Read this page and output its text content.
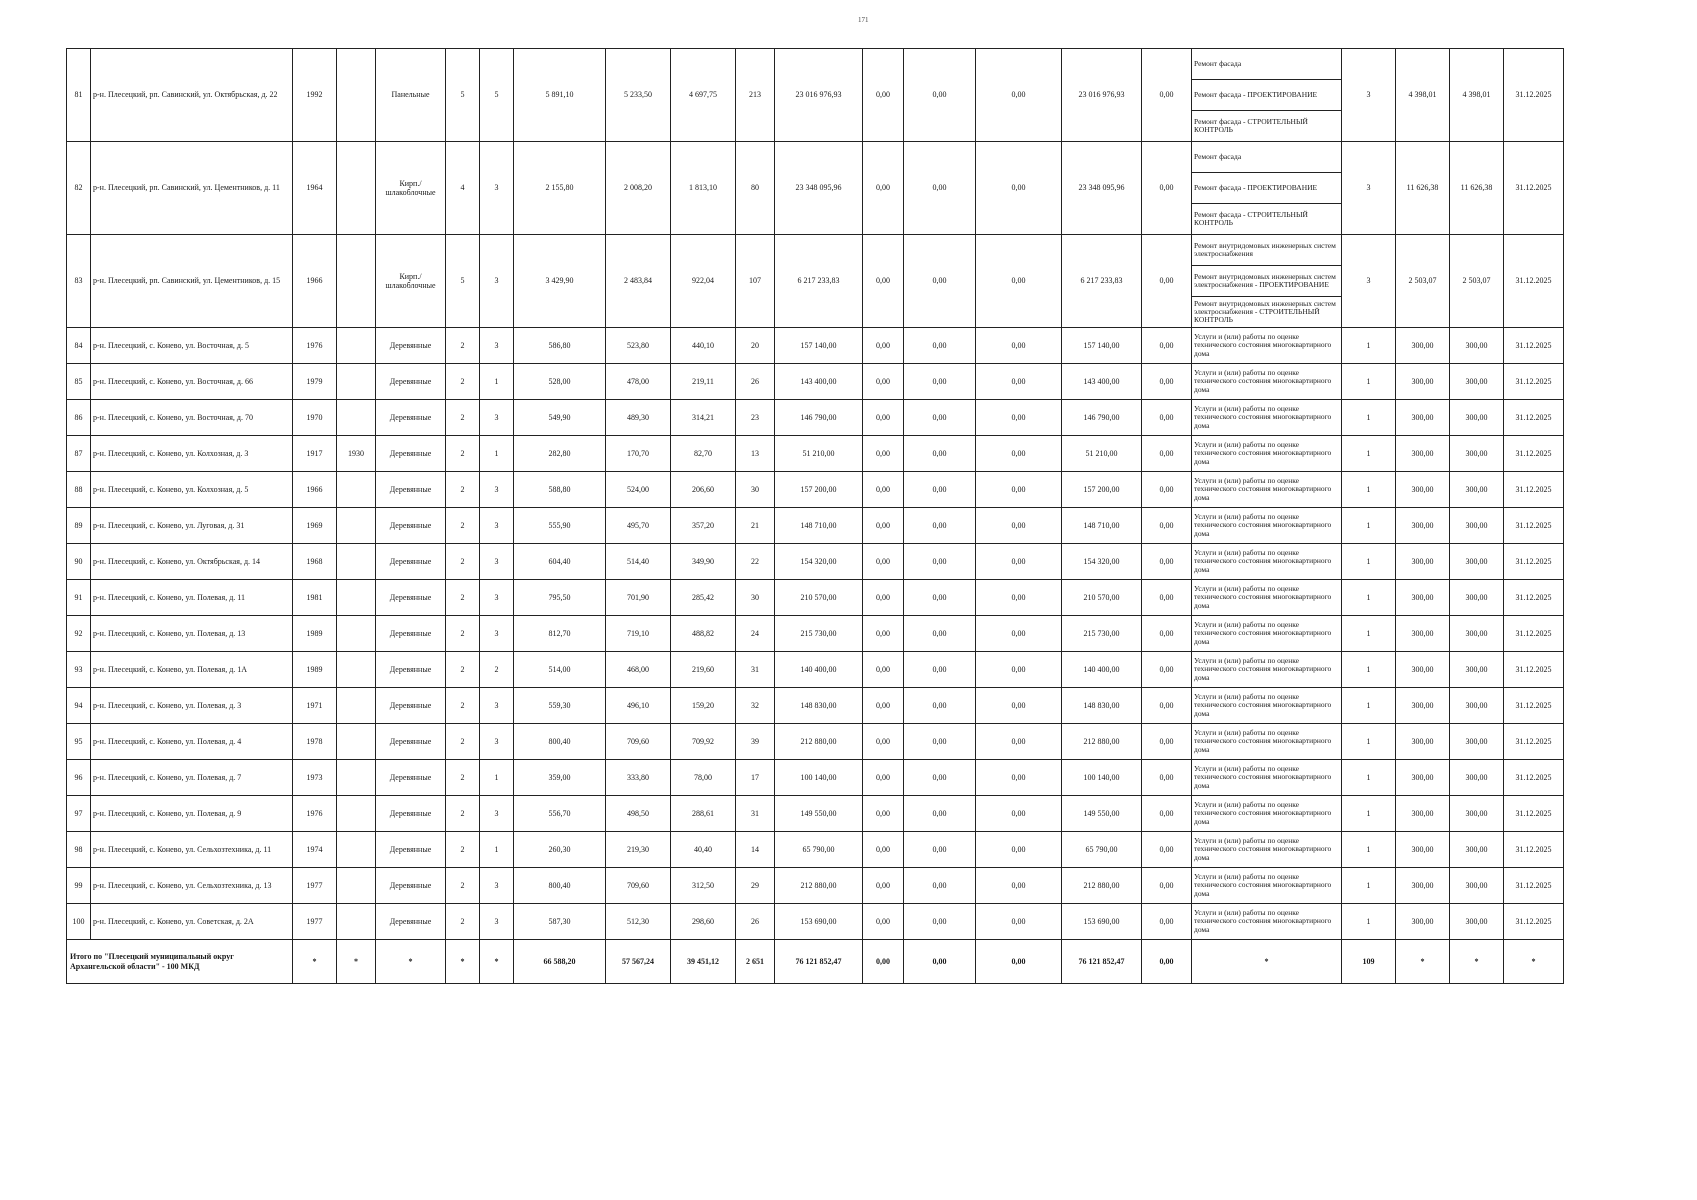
171
81	р-н. Плесецкий, рп. Савинский, ул. Октябрьская, д. 22	1992		Панельные	5	5	5 891,10	5 233,50	4 697,75	213	23 016 976,93	0,00	0,00	0,00	23 016 976,93	0,00	Ремонт фасада	3	4 398,01	4 398,01	31.12.2025
																	Ремонт фасада - ПРОЕКТИРОВАНИЕ				
																	Ремонт фасада - СТРОИТЕЛЬНЫЙ КОНТРОЛЬ				
82	р-н. Плесецкий, рп. Савинский, ул. Цементников, д. 11	1964		Кирп./шлакоблочные	4	3	2 155,80	2 008,20	1 813,10	80	23 348 095,96	0,00	0,00	0,00	23 348 095,96	0,00	Ремонт фасада	3	11 626,38	11 626,38	31.12.2025
																	Ремонт фасада - ПРОЕКТИРОВАНИЕ				
																	Ремонт фасада - СТРОИТЕЛЬНЫЙ КОНТРОЛЬ				
83	р-н. Плесецкий, рп. Савинский, ул. Цементников, д. 15	1966		Кирп./шлакоблочные	5	3	3 429,90	2 483,84	922,04	107	6 217 233,83	0,00	0,00	0,00	6 217 233,83	0,00	Ремонт внутридомовых инженерных систем электроснабжения	3	2 503,07	2 503,07	31.12.2025
																	Ремонт внутридомовых инженерных систем электроснабжения - ПРОЕКТИРОВАНИЕ				
																	Ремонт внутридомовых инженерных систем электроснабжения - СТРОИТЕЛЬНЫЙ КОНТРОЛЬ				
84	р-н. Плесецкий, с. Конево, ул. Восточная, д. 5	1976		Деревянные	2	3	586,80	523,80	440,10	20	157 140,00	0,00	0,00	0,00	157 140,00	0,00	Услуги и (или) работы по оценке технического состояния многоквартирного дома	1	300,00	300,00	31.12.2025
85	р-н. Плесецкий, с. Конево, ул. Восточная, д. 66	1979		Деревянные	2	1	528,00	478,00	219,11	26	143 400,00	0,00	0,00	0,00	143 400,00	0,00	Услуги и (или) работы по оценке технического состояния многоквартирного дома	1	300,00	300,00	31.12.2025
86	р-н. Плесецкий, с. Конево, ул. Восточная, д. 70	1970		Деревянные	2	3	549,90	489,30	314,21	23	146 790,00	0,00	0,00	0,00	146 790,00	0,00	Услуги и (или) работы по оценке технического состояния многоквартирного дома	1	300,00	300,00	31.12.2025
87	р-н. Плесецкий, с. Конево, ул. Колхозная, д. 3	1917	1930	Деревянные	2	1	282,80	170,70	82,70	13	51 210,00	0,00	0,00	0,00	51 210,00	0,00	Услуги и (или) работы по оценке технического состояния многоквартирного дома	1	300,00	300,00	31.12.2025
88	р-н. Плесецкий, с. Конево, ул. Колхозная, д. 5	1966		Деревянные	2	3	588,80	524,00	206,60	30	157 200,00	0,00	0,00	0,00	157 200,00	0,00	Услуги и (или) работы по оценке технического состояния многоквартирного дома	1	300,00	300,00	31.12.2025
89	р-н. Плесецкий, с. Конево, ул. Луговая, д. 31	1969		Деревянные	2	3	555,90	495,70	357,20	21	148 710,00	0,00	0,00	0,00	148 710,00	0,00	Услуги и (или) работы по оценке технического состояния многоквартирного дома	1	300,00	300,00	31.12.2025
90	р-н. Плесецкий, с. Конево, ул. Октябрьская, д. 14	1968		Деревянные	2	3	604,40	514,40	349,90	22	154 320,00	0,00	0,00	0,00	154 320,00	0,00	Услуги и (или) работы по оценке технического состояния многоквартирного дома	1	300,00	300,00	31.12.2025
91	р-н. Плесецкий, с. Конево, ул. Полевая, д. 11	1981		Деревянные	2	3	795,50	701,90	285,42	30	210 570,00	0,00	0,00	0,00	210 570,00	0,00	Услуги и (или) работы по оценке технического состояния многоквартирного дома	1	300,00	300,00	31.12.2025
92	р-н. Плесецкий, с. Конево, ул. Полевая, д. 13	1989		Деревянные	2	3	812,70	719,10	488,82	24	215 730,00	0,00	0,00	0,00	215 730,00	0,00	Услуги и (или) работы по оценке технического состояния многоквартирного дома	1	300,00	300,00	31.12.2025
93	р-н. Плесецкий, с. Конево, ул. Полевая, д. 1А	1989		Деревянные	2	2	514,00	468,00	219,60	31	140 400,00	0,00	0,00	0,00	140 400,00	0,00	Услуги и (или) работы по оценке технического состояния многоквартирного дома	1	300,00	300,00	31.12.2025
94	р-н. Плесецкий, с. Конево, ул. Полевая, д. 3	1971		Деревянные	2	3	559,30	496,10	159,20	32	148 830,00	0,00	0,00	0,00	148 830,00	0,00	Услуги и (или) работы по оценке технического состояния многоквартирного дома	1	300,00	300,00	31.12.2025
95	р-н. Плесецкий, с. Конево, ул. Полевая, д. 4	1978		Деревянные	2	3	800,40	709,60	709,92	39	212 880,00	0,00	0,00	0,00	212 880,00	0,00	Услуги и (или) работы по оценке технического состояния многоквартирного дома	1	300,00	300,00	31.12.2025
96	р-н. Плесецкий, с. Конево, ул. Полевая, д. 7	1973		Деревянные	2	1	359,00	333,80	78,00	17	100 140,00	0,00	0,00	0,00	100 140,00	0,00	Услуги и (или) работы по оценке технического состояния многоквартирного дома	1	300,00	300,00	31.12.2025
97	р-н. Плесецкий, с. Конево, ул. Полевая, д. 9	1976		Деревянные	2	3	556,70	498,50	288,61	31	149 550,00	0,00	0,00	0,00	149 550,00	0,00	Услуги и (или) работы по оценке технического состояния многоквартирного дома	1	300,00	300,00	31.12.2025
98	р-н. Плесецкий, с. Конево, ул. Сельхозтехника, д. 11	1974		Деревянные	2	1	260,30	219,30	40,40	14	65 790,00	0,00	0,00	0,00	65 790,00	0,00	Услуги и (или) работы по оценке технического состояния многоквартирного дома	1	300,00	300,00	31.12.2025
99	р-н. Плесецкий, с. Конево, ул. Сельхозтехника, д. 13	1977		Деревянные	2	3	800,40	709,60	312,50	29	212 880,00	0,00	0,00	0,00	212 880,00	0,00	Услуги и (или) работы по оценке технического состояния многоквартирного дома	1	300,00	300,00	31.12.2025
100	р-н. Плесецкий, с. Конево, ул. Советская, д. 2А	1977		Деревянные	2	3	587,30	512,30	298,60	26	153 690,00	0,00	0,00	0,00	153 690,00	0,00	Услуги и (или) работы по оценке технического состояния многоквартирного дома	1	300,00	300,00	31.12.2025
Итого по "Плесецкий муниципальный округ Архангельской области" - 100 МКД		*	*	*	*	*	66 588,20	57 567,24	39 451,12	2 651	76 121 852,47	0,00	0,00	0,00	76 121 852,47	0,00	*	109	*	*	*
